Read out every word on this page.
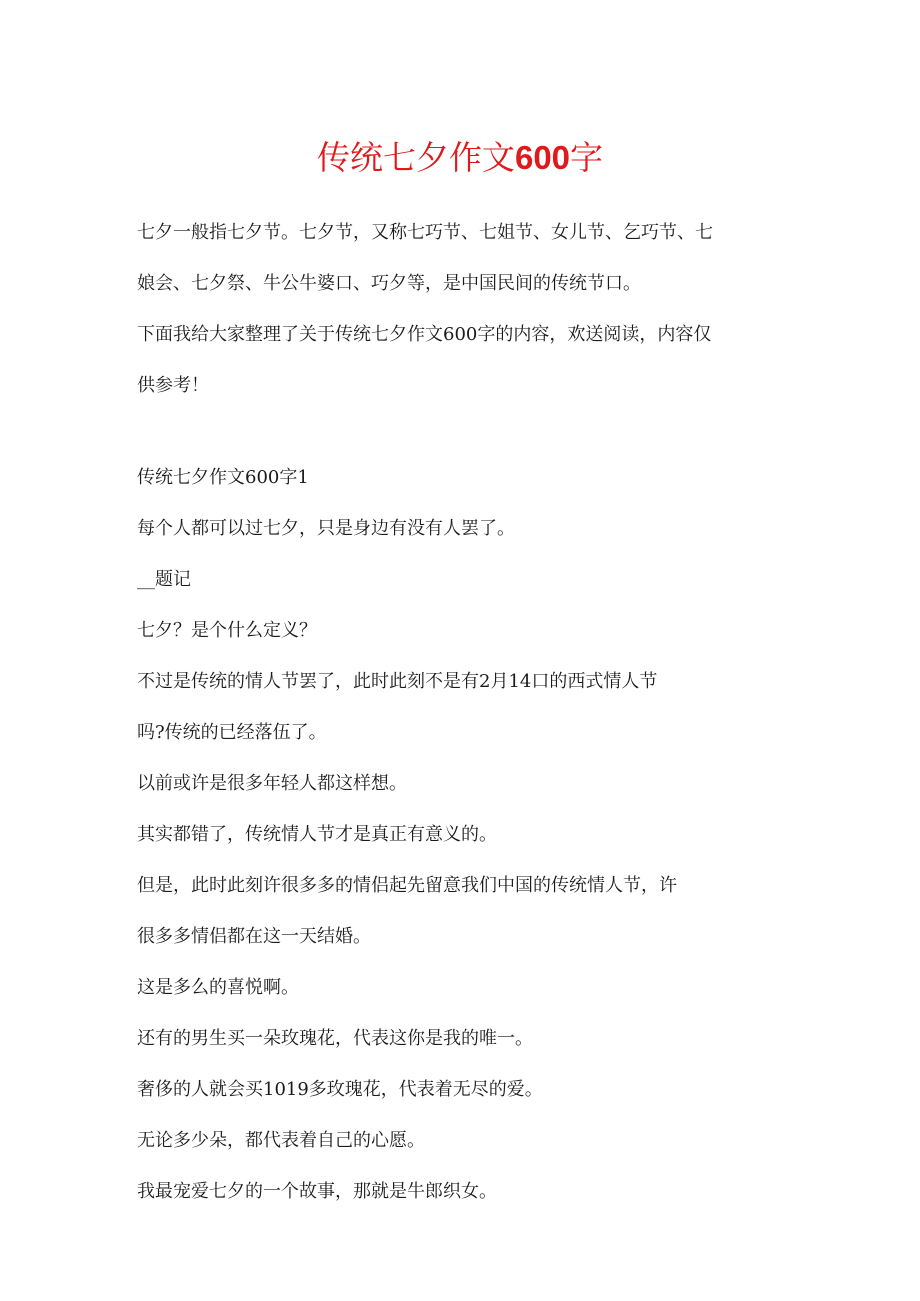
传统七夕作文600字
七夕一般指七夕节。七夕节，又称七巧节、七姐节、女儿节、乞巧节、七
娘会、七夕祭、牛公牛婆口、巧夕等，是中国民间的传统节口。
下面我给大家整理了关于传统七夕作文600字的内容，欢送阅读，内容仅
供参考！
传统七夕作文600字1
每个人都可以过七夕，只是身边有没有人罢了。
__题记
七夕？是个什么定义？
不过是传统的情人节罢了，此时此刻不是有2月14口的西式情人节
吗?传统的已经落伍了。
以前或许是很多年轻人都这样想。
其实都错了，传统情人节才是真正有意义的。
但是，此时此刻许很多多的情侣起先留意我们中国的传统情人节，许
很多多情侣都在这一天结婚。
这是多么的喜悦啊。
还有的男生买一朵玫瑰花，代表这你是我的唯一。
奢侈的人就会买1019多玫瑰花，代表着无尽的爱。
无论多少朵，都代表着自己的心愿。
我最宠爱七夕的一个故事，那就是牛郎织女。
